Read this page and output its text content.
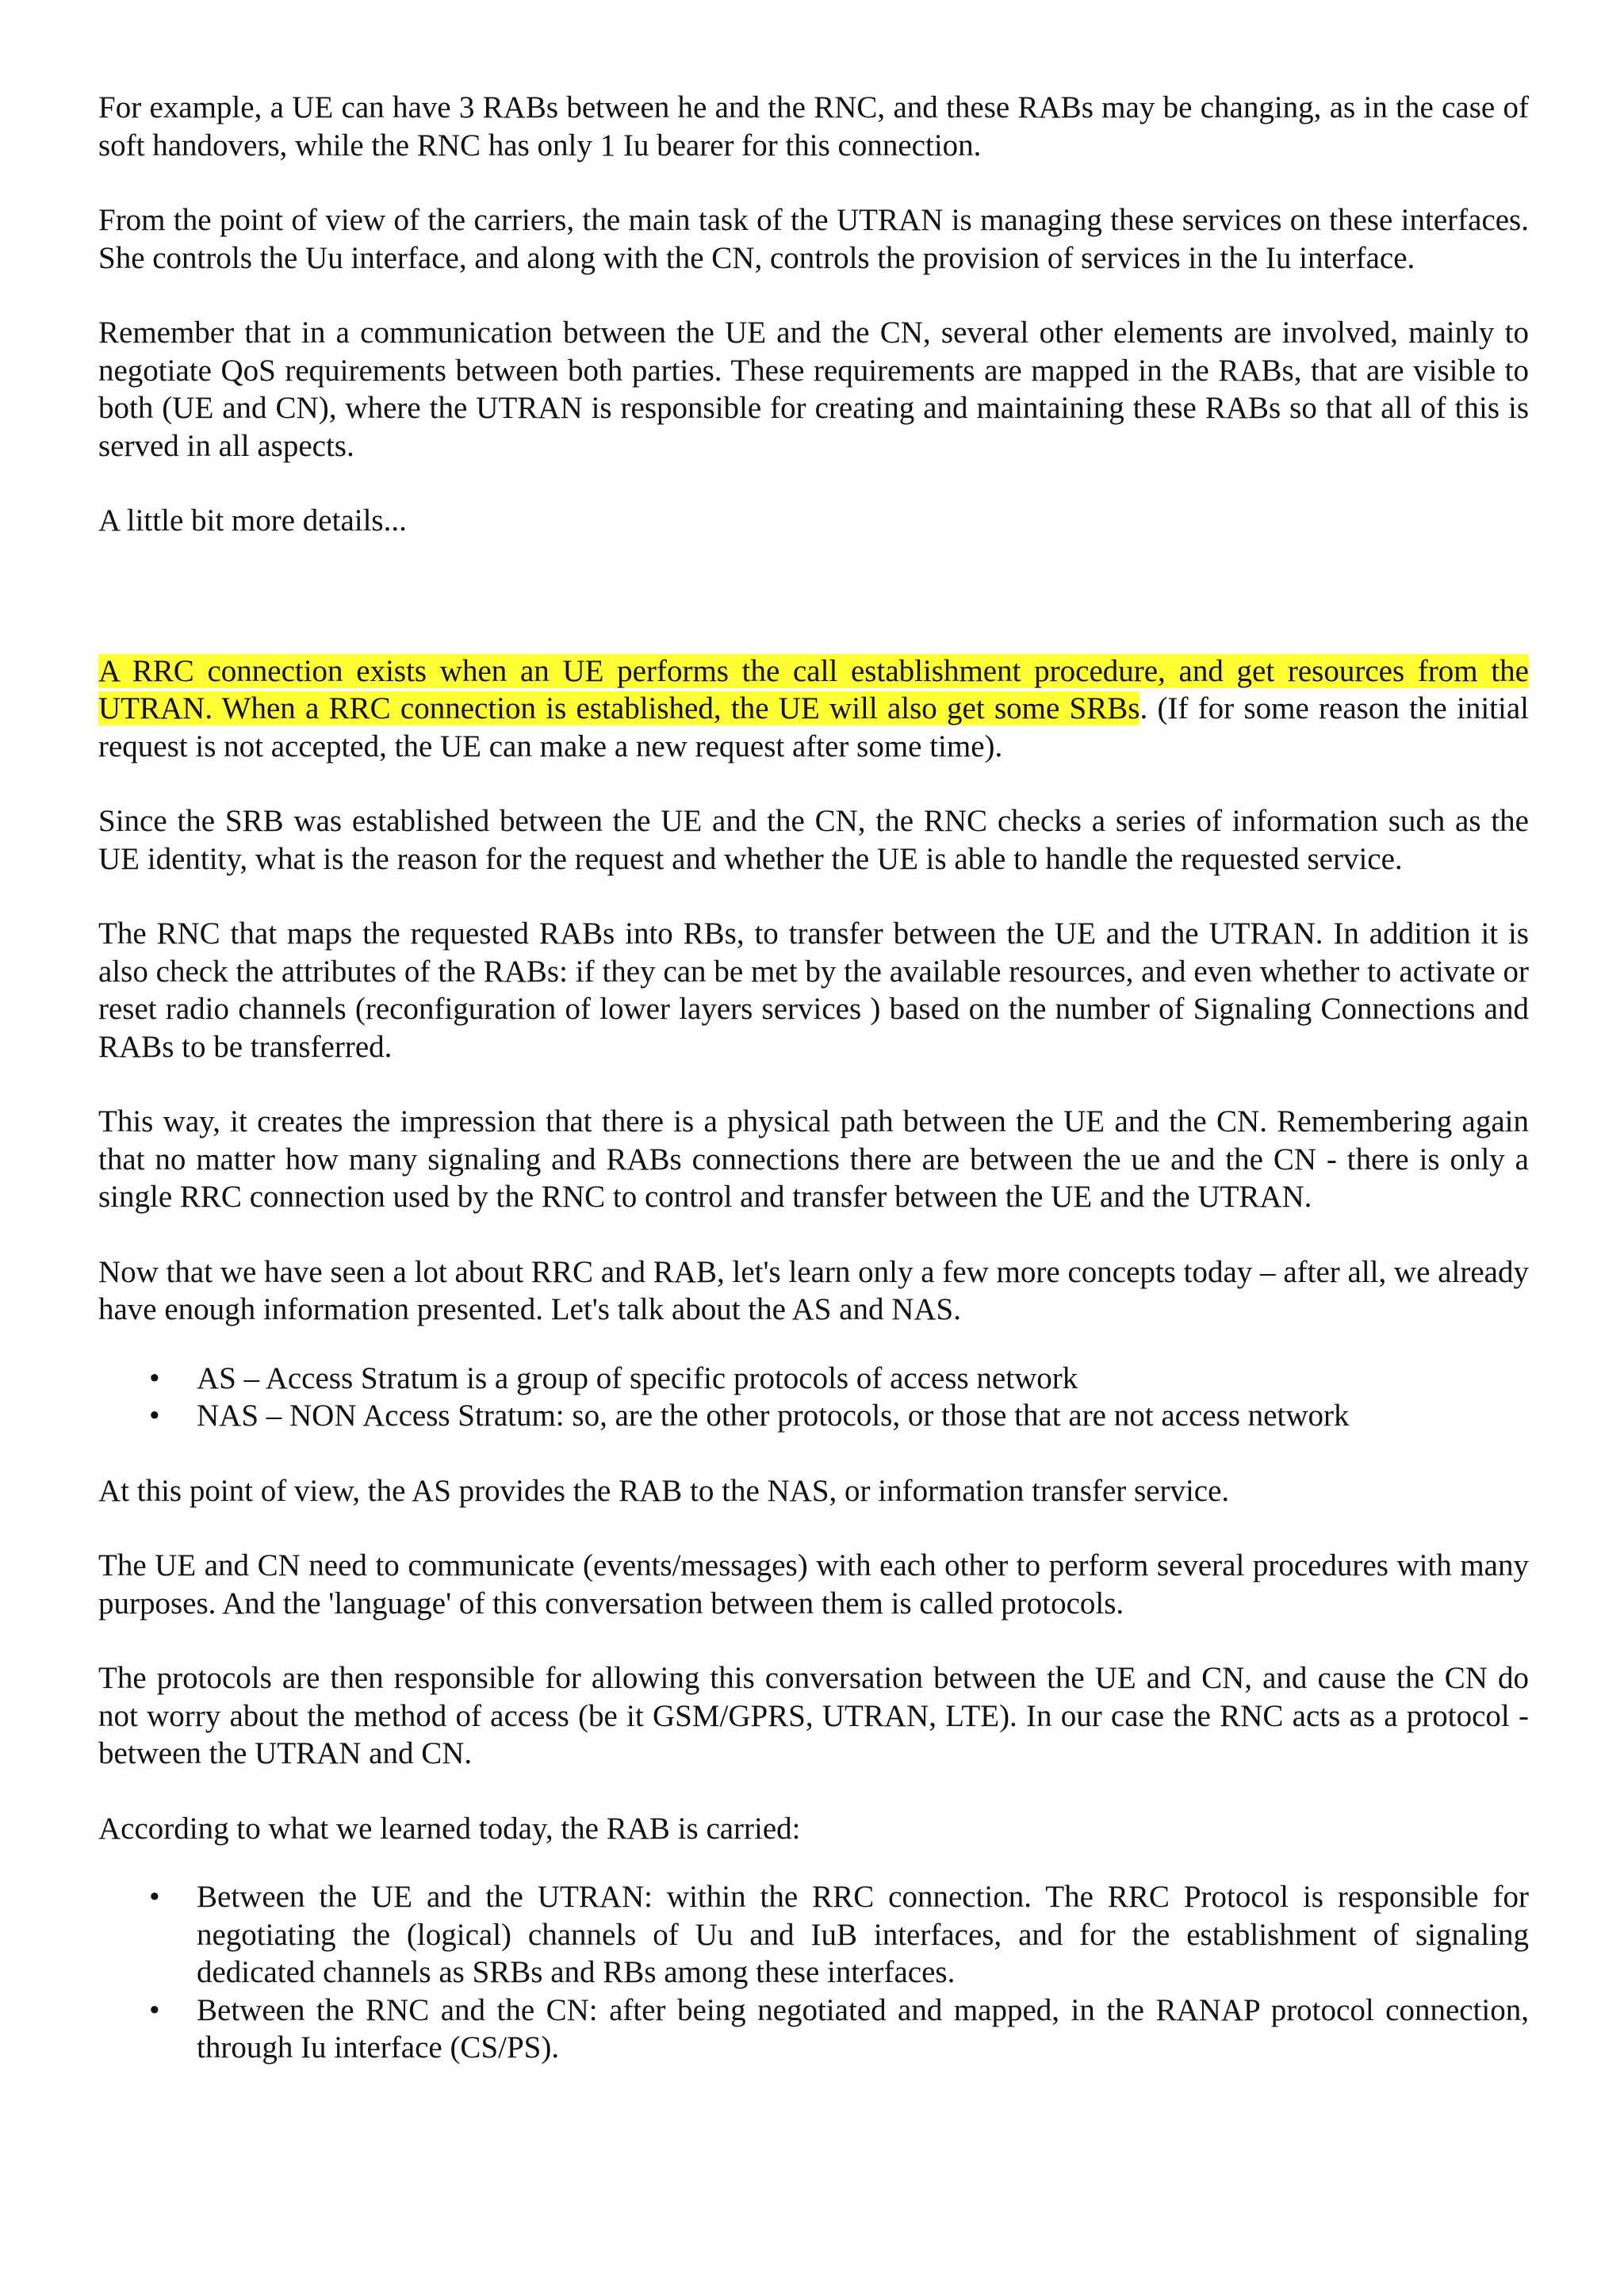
For example, a UE can have 3 RABs between he and the RNC, and these RABs may be changing, as in the case of soft handovers, while the RNC has only 1 Iu bearer for this connection.

From the point of view of the carriers, the main task of the UTRAN is managing these services on these interfaces. She controls the Uu interface, and along with the CN, controls the provision of services in the Iu interface.

Remember that in a communication between the UE and the CN, several other elements are involved, mainly to negotiate QoS requirements between both parties. These requirements are mapped in the RABs, that are visible to both (UE and CN), where the UTRAN is responsible for creating and maintaining these RABs so that all of this is served in all aspects.

A little bit more details...

A RRC connection exists when an UE performs the call establishment procedure, and get resources from the UTRAN. When a RRC connection is established, the UE will also get some SRBs. (If for some reason the initial request is not accepted, the UE can make a new request after some time).

Since the SRB was established between the UE and the CN, the RNC checks a series of information such as the UE identity, what is the reason for the request and whether the UE is able to handle the requested service.

The RNC that maps the requested RABs into RBs, to transfer between the UE and the UTRAN. In addition it is also check the attributes of the RABs: if they can be met by the available resources, and even whether to activate or reset radio channels (reconfiguration of lower layers services ) based on the number of Signaling Connections and RABs to be transferred.

This way, it creates the impression that there is a physical path between the UE and the CN. Remembering again that no matter how many signaling and RABs connections there are between the ue and the CN - there is only a single RRC connection used by the RNC to control and transfer between the UE and the UTRAN.

Now that we have seen a lot about RRC and RAB, let's learn only a few more concepts today – after all, we already have enough information presented. Let's talk about the AS and NAS.

• AS – Access Stratum is a group of specific protocols of access network
• NAS – NON Access Stratum: so, are the other protocols, or those that are not access network

At this point of view, the AS provides the RAB to the NAS, or information transfer service.

The UE and CN need to communicate (events/messages) with each other to perform several procedures with many purposes. And the 'language' of this conversation between them is called protocols.

The protocols are then responsible for allowing this conversation between the UE and CN, and cause the CN do not worry about the method of access (be it GSM/GPRS, UTRAN, LTE). In our case the RNC acts as a protocol - between the UTRAN and CN.

According to what we learned today, the RAB is carried:

• Between the UE and the UTRAN: within the RRC connection. The RRC Protocol is responsible for negotiating the (logical) channels of Uu and IuB interfaces, and for the establishment of signaling dedicated channels as SRBs and RBs among these interfaces.
• Between the RNC and the CN: after being negotiated and mapped, in the RANAP protocol connection, through Iu interface (CS/PS).
